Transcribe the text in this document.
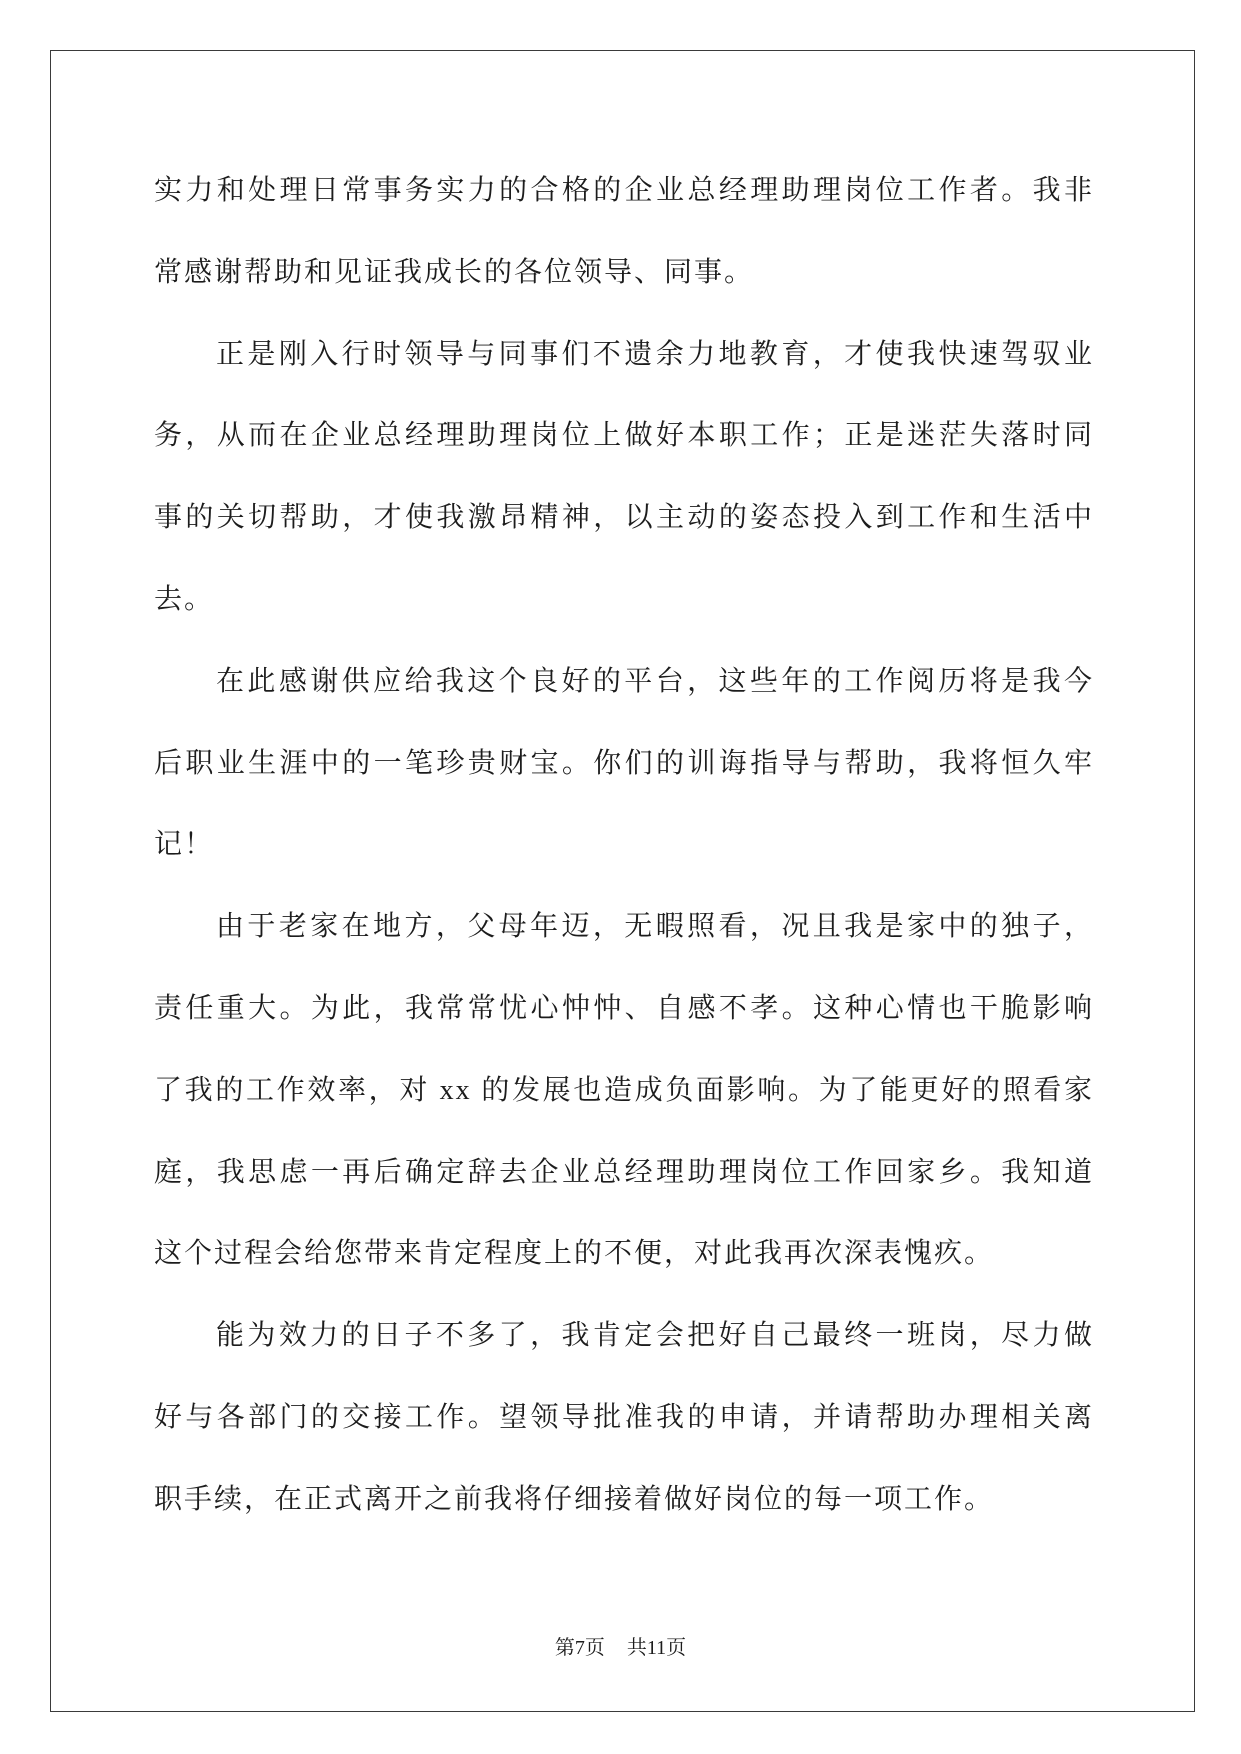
实力和处理日常事务实力的合格的企业总经理助理岗位工作者。我非
常感谢帮助和见证我成长的各位领导、同事。
正是刚入行时领导与同事们不遗余力地教育，才使我快速驾驭业
务，从而在企业总经理助理岗位上做好本职工作；正是迷茫失落时同
事的关切帮助，才使我激昂精神，以主动的姿态投入到工作和生活中
去。
在此感谢供应给我这个良好的平台，这些年的工作阅历将是我今
后职业生涯中的一笔珍贵财宝。你们的训诲指导与帮助，我将恒久牢
记！
由于老家在地方，父母年迈，无暇照看，况且我是家中的独子，
责任重大。为此，我常常忧心忡忡、自感不孝。这种心情也干脆影响
了我的工作效率，对 xx 的发展也造成负面影响。为了能更好的照看家
庭，我思虑一再后确定辞去企业总经理助理岗位工作回家乡。我知道
这个过程会给您带来肯定程度上的不便，对此我再次深表愧疚。
能为效力的日子不多了，我肯定会把好自己最终一班岗，尽力做
好与各部门的交接工作。望领导批准我的申请，并请帮助办理相关离
职手续，在正式离开之前我将仔细接着做好岗位的每一项工作。
第7页 共11页
